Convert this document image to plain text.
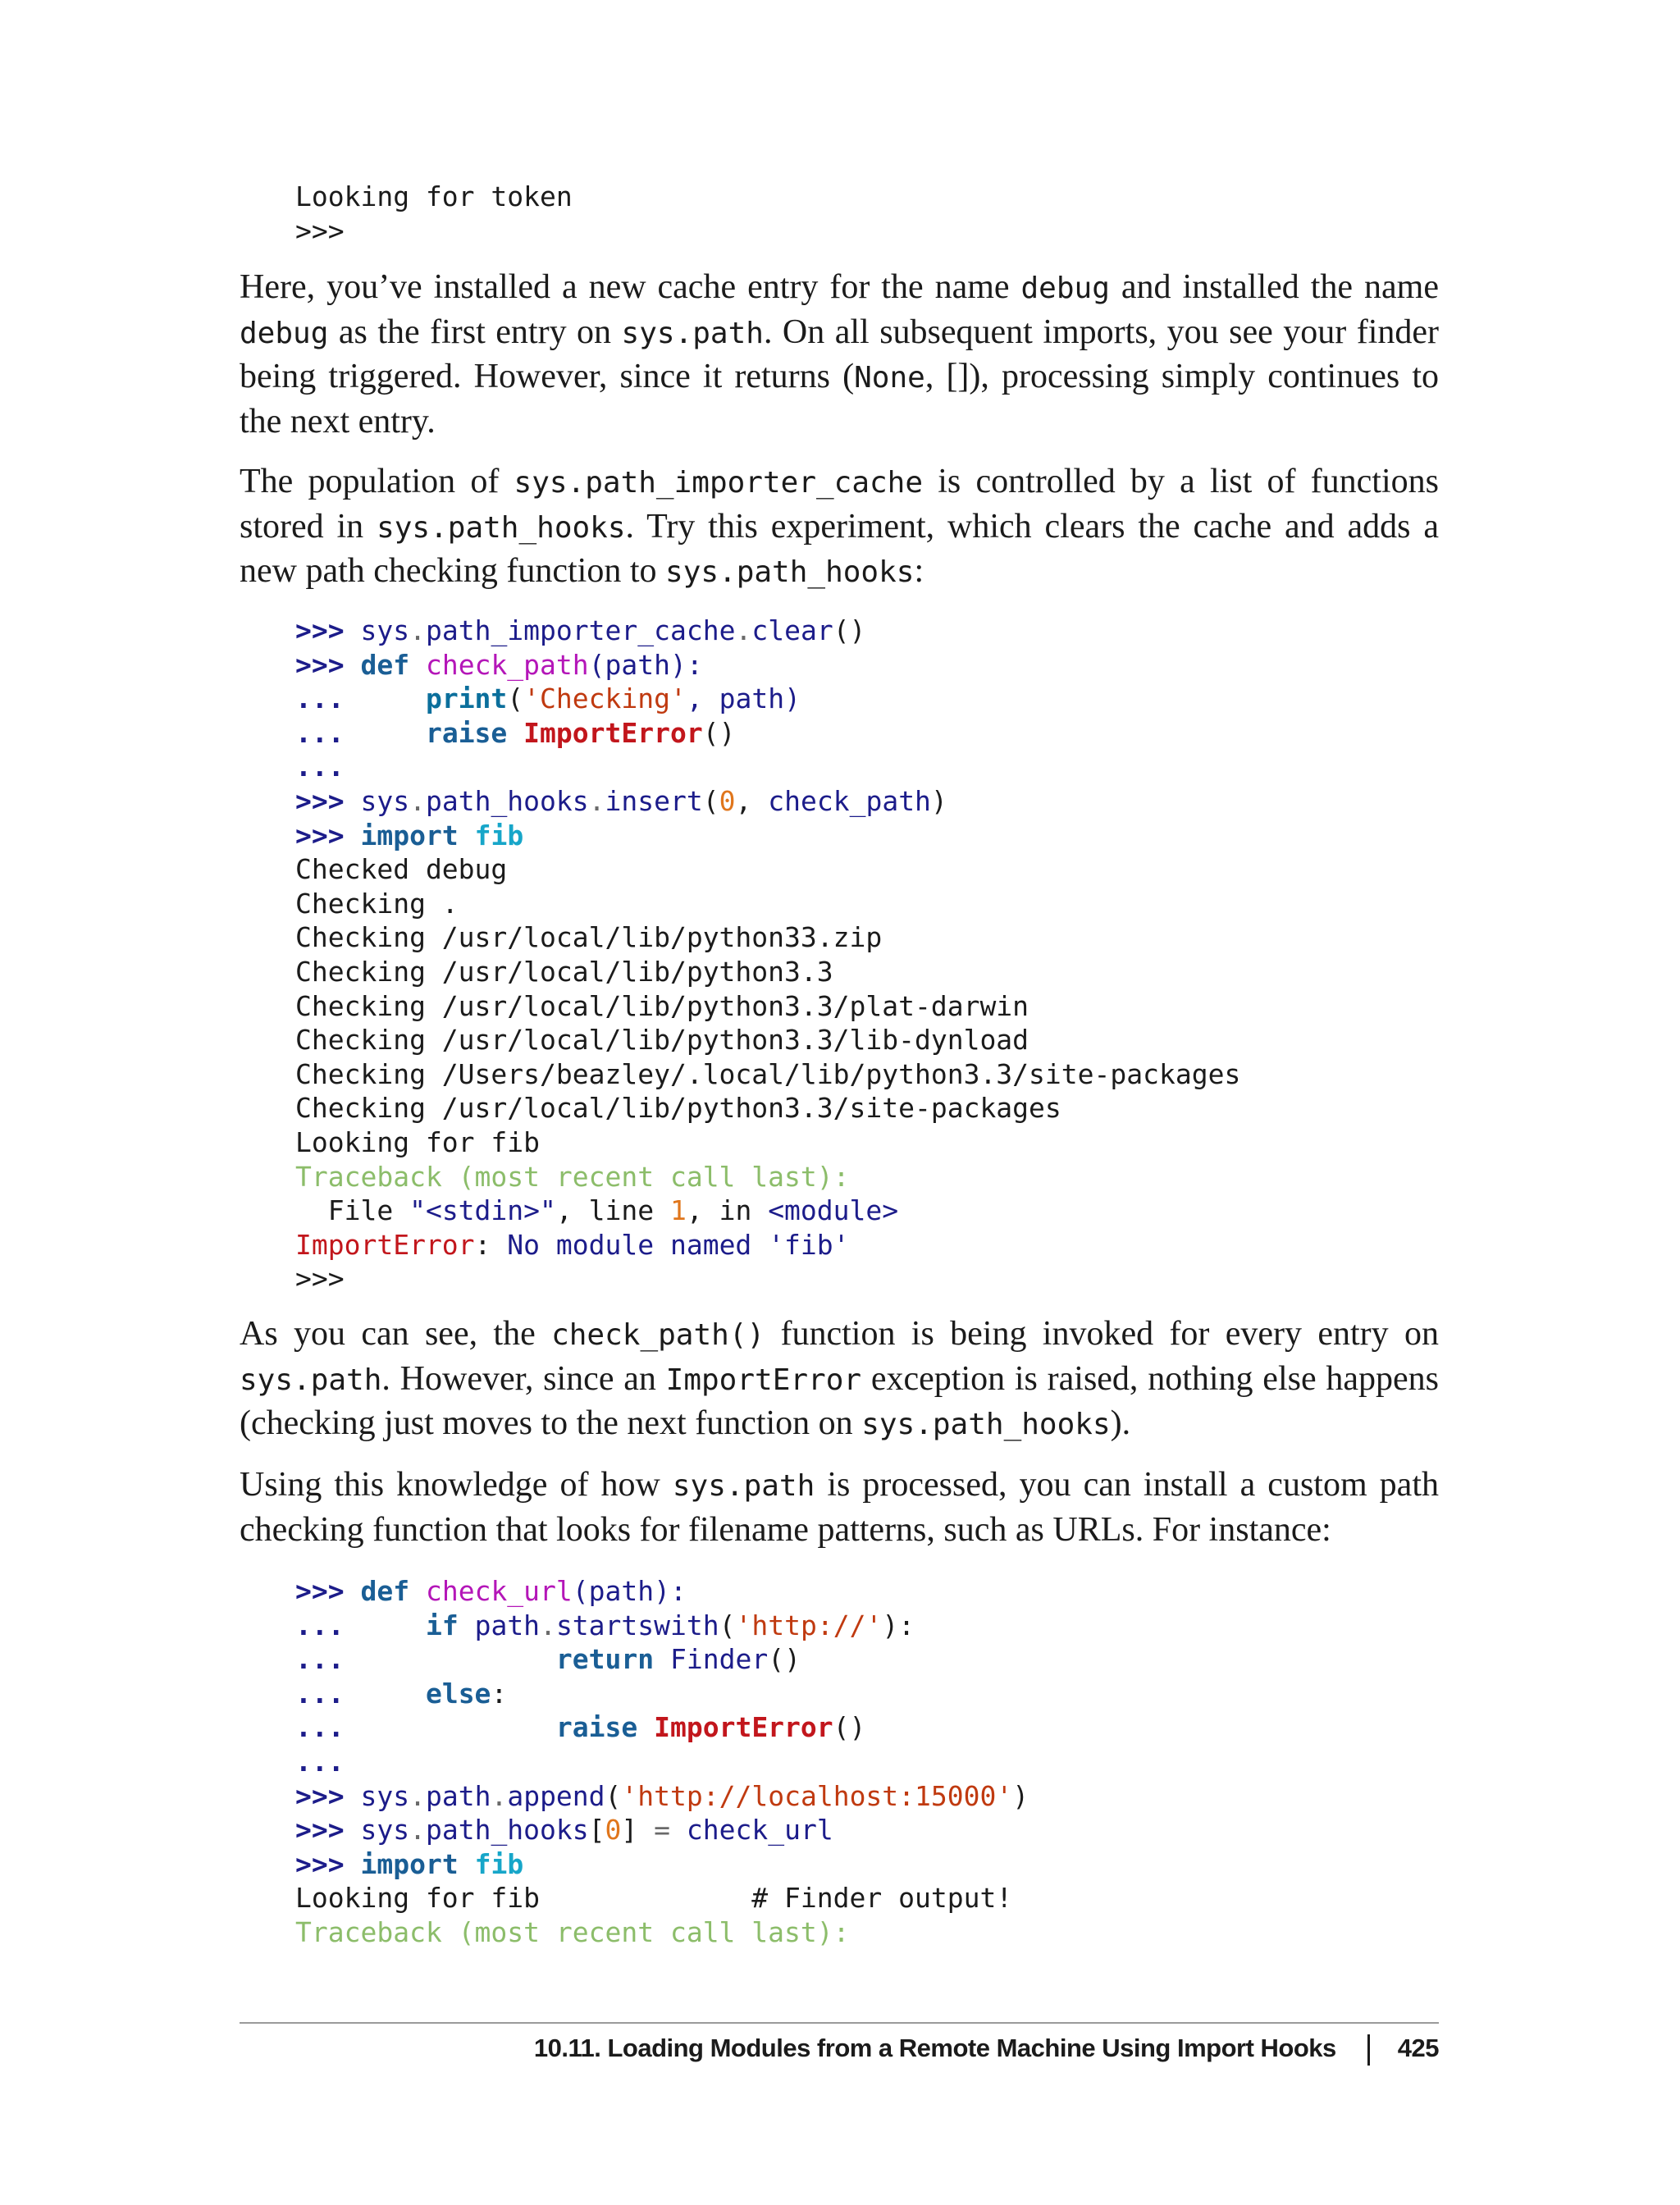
Looking for token
>>>

Here, you’ve installed a new cache entry for the name debug and installed the name debug as the first entry on sys.path. On all subsequent imports, you see your finder being triggered. However, since it returns (None, []), processing simply continues to the next entry.

The population of sys.path_importer_cache is controlled by a list of functions stored in sys.path_hooks. Try this experiment, which clears the cache and adds a new path checking function to sys.path_hooks:

>>> sys.path_importer_cache.clear()
>>> def check_path(path):
...	print('Checking', path)
...	raise ImportError()
...
>>> sys.path_hooks.insert(0, check_path)
>>> import fib
Checked debug
Checking .
Checking /usr/local/lib/python33.zip
Checking /usr/local/lib/python3.3
Checking /usr/local/lib/python3.3/plat-darwin
Checking /usr/local/lib/python3.3/lib-dynload
Checking /Users/beazley/.local/lib/python3.3/site-packages
Checking /usr/local/lib/python3.3/site-packages
Looking for fib
Traceback (most recent call last):
File "<stdin>", line 1, in <module>
ImportError: No module named 'fib'
>>>

As you can see, the check_path() function is being invoked for every entry on sys.path. However, since an ImportError exception is raised, nothing else happens (checking just moves to the next function on sys.path_hooks).

Using this knowledge of how sys.path is processed, you can install a custom path checking function that looks for filename patterns, such as URLs. For instance:

>>> def check_url(path):
...	if path.startswith('http://'):
...	return Finder()
...	else:
...	raise ImportError()
...
>>> sys.path.append('http://localhost:15000')
>>> sys.path_hooks[0] = check_url
>>> import fib
Looking for fib             # Finder output!
Traceback (most recent call last):
10.11. Loading Modules from a Remote Machine Using Import Hooks 425
